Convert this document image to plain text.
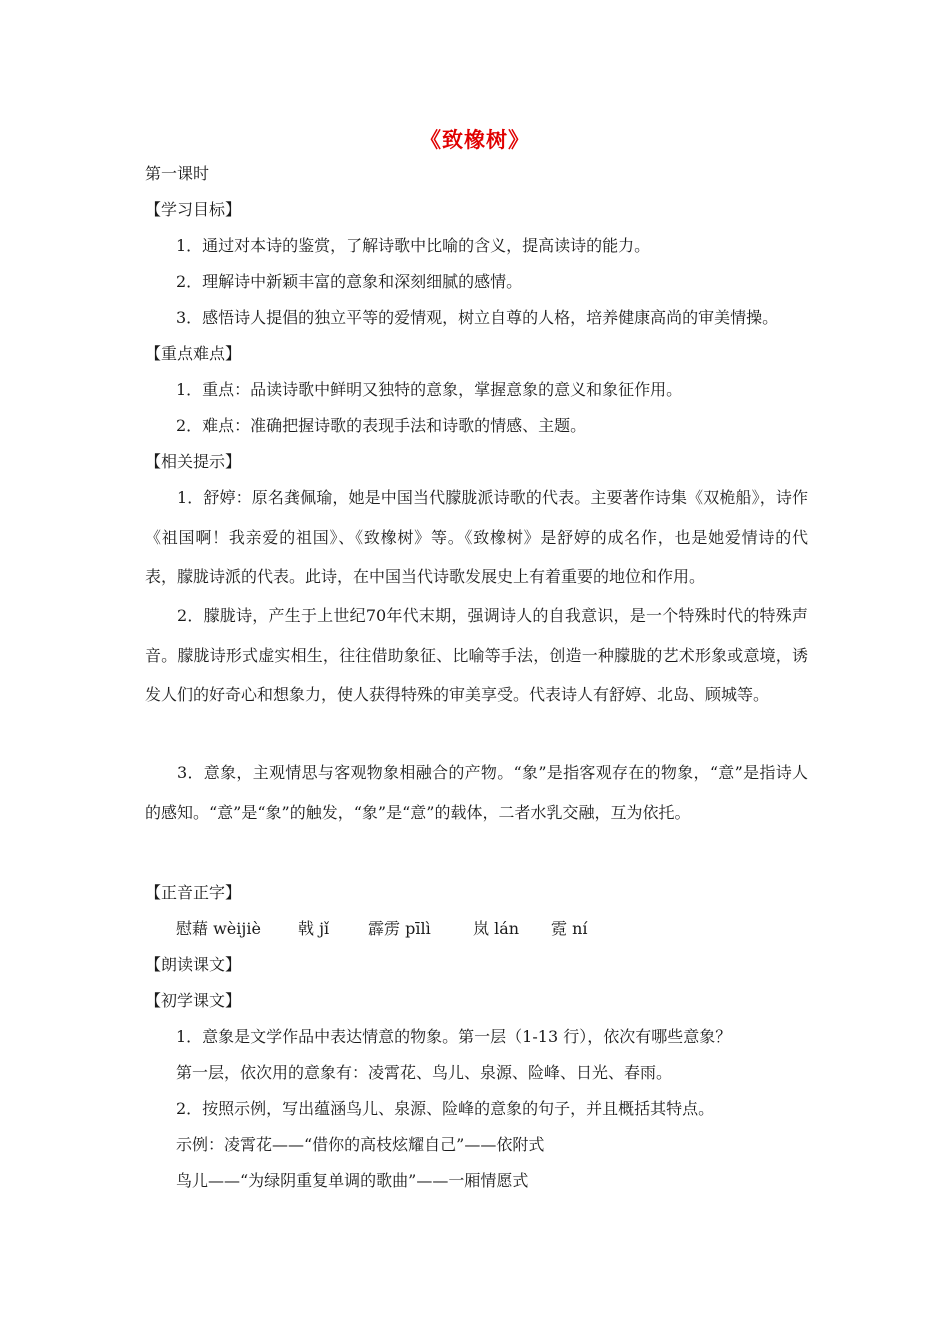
《致橡树》
第一课时
【学习目标】
1．通过对本诗的鉴赏，了解诗歌中比喻的含义，提高读诗的能力。
2．理解诗中新颖丰富的意象和深刻细腻的感情。
3．感悟诗人提倡的独立平等的爱情观，树立自尊的人格，培养健康高尚的审美情操。
【重点难点】
1．重点：品读诗歌中鲜明又独特的意象，掌握意象的意义和象征作用。
2．难点：准确把握诗歌的表现手法和诗歌的情感、主题。
【相关提示】
1．舒婷：原名龚佩瑜，她是中国当代朦胧派诗歌的代表。主要著作诗集《双桅船》，诗作《祖国啊！我亲爱的祖国》、《致橡树》等。《致橡树》是舒婷的成名作，也是她爱情诗的代表，朦胧诗派的代表。此诗，在中国当代诗歌发展史上有着重要的地位和作用。
2．朦胧诗，产生于上世纪70年代末期，强调诗人的自我意识，是一个特殊时代的特殊声音。朦胧诗形式虚实相生，往往借助象征、比喻等手法，创造一种朦胧的艺术形象或意境，诱发人们的好奇心和想象力，使人获得特殊的审美享受。代表诗人有舒婷、北岛、顾城等。
3．意象，主观情思与客观物象相融合的产物。“象”是指客观存在的物象，“意”是指诗人的感知。“意”是“象”的触发，“象”是“意”的载体，二者水乳交融，互为依托。
【正音正字】
慰藉 wèijiè 戟 jǐ 霹雳 pīlì	岚 lán 霓 ní
【朗读课文】
【初学课文】
1．意象是文学作品中表达情意的物象。第一层（1-13 行），依次有哪些意象？
第一层，依次用的意象有：凌霄花、鸟儿、泉源、险峰、日光、春雨。
2．按照示例，写出蕴涵鸟儿、泉源、险峰的意象的句子，并且概括其特点。
示例：凌霄花——“借你的高枝炫耀自己”——依附式
鸟儿——“为绿阴重复单调的歌曲”——一厢情愿式
